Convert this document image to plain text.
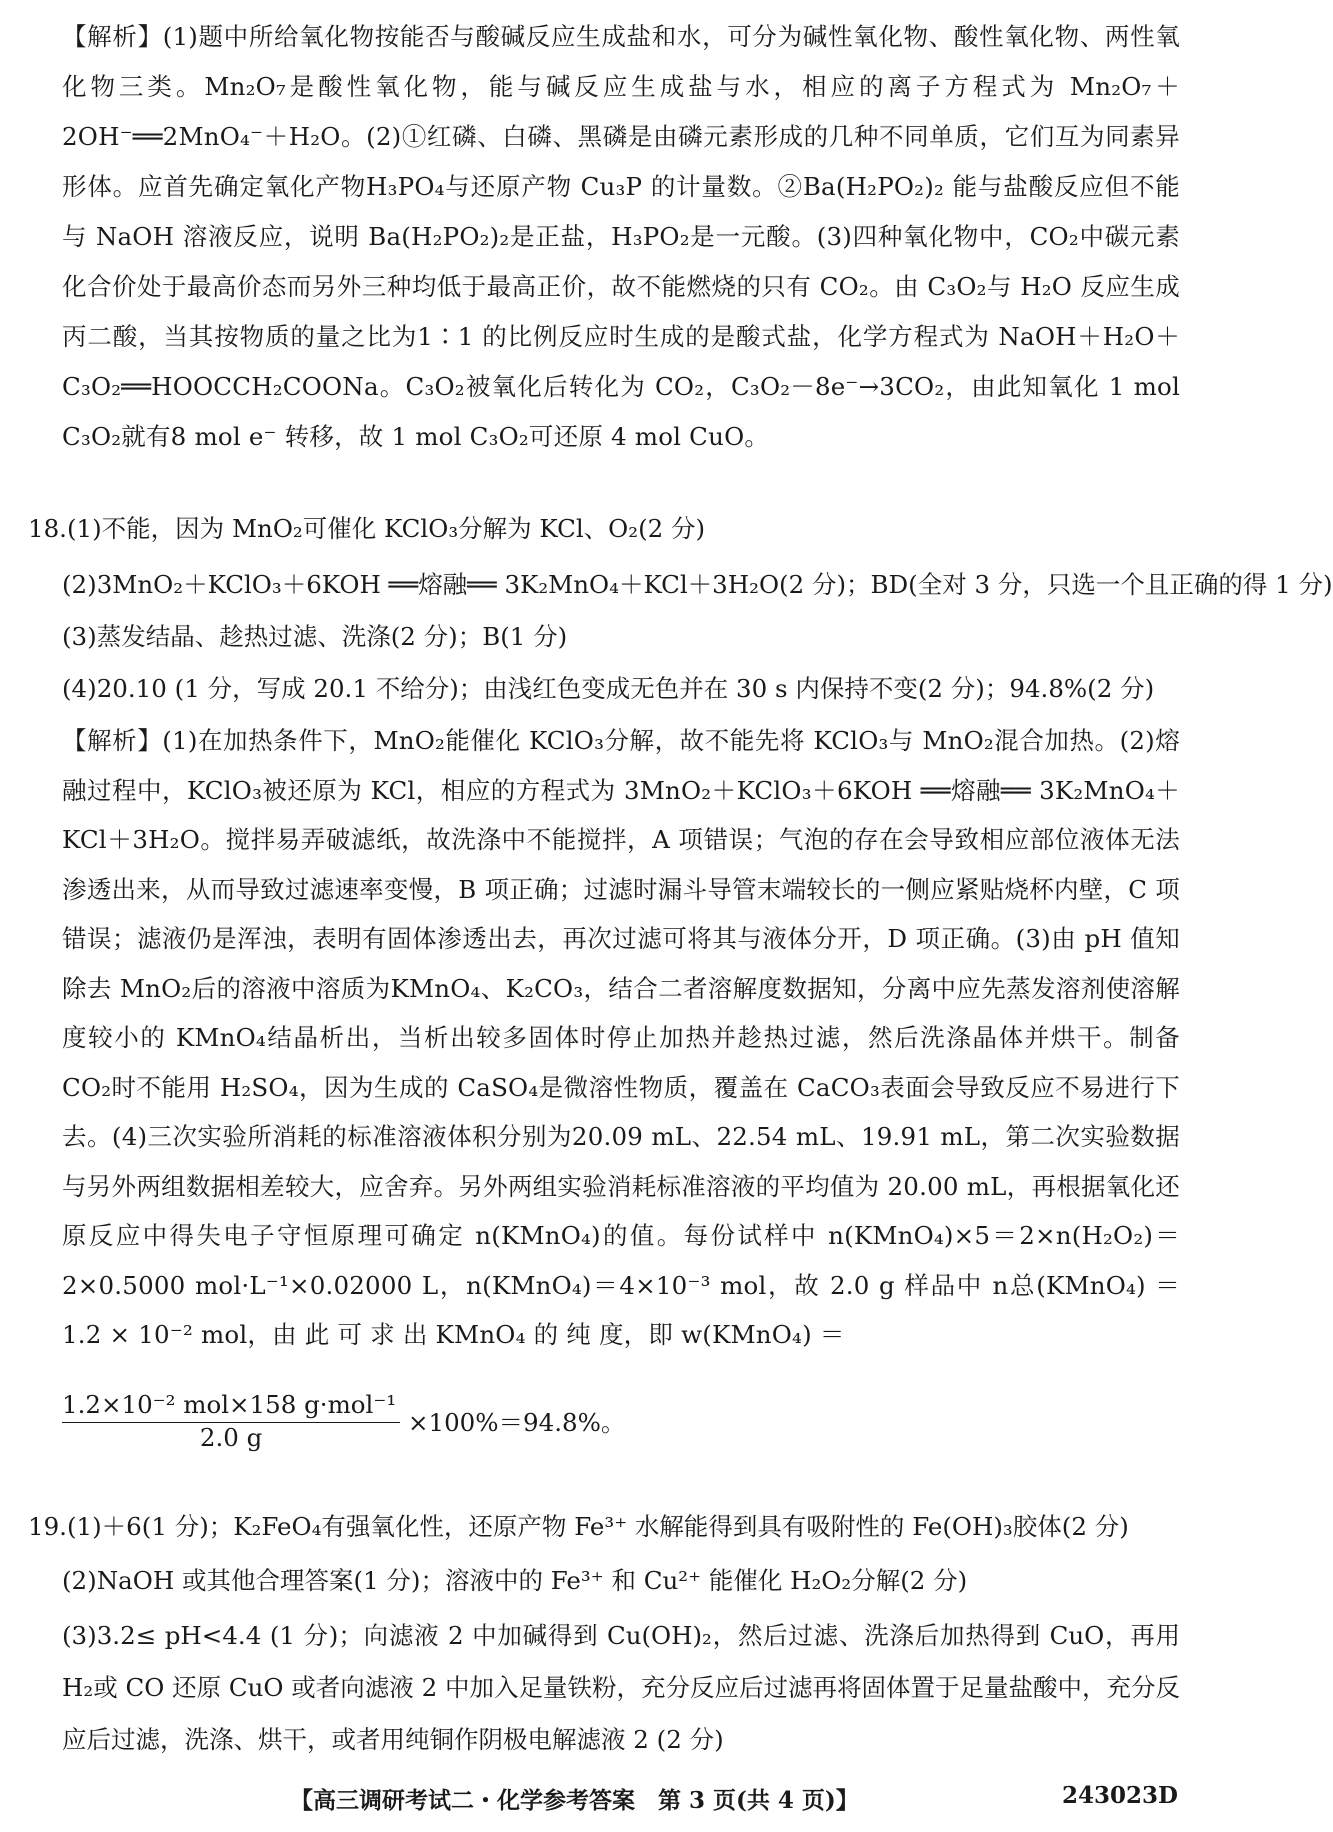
【解析】(1)题中所给氧化物按能否与酸碱反应生成盐和水，可分为碱性氧化物、酸性氧化物、两性氧化物三类。Mn₂O₇是酸性氧化物，能与碱反应生成盐与水，相应的离子方程式为 Mn₂O₇＋2OH⁻══2MnO₄⁻＋H₂O。(2)①红磷、白磷、黑磷是由磷元素形成的几种不同单质，它们互为同素异形体。应首先确定氧化产物H₃PO₄与还原产物 Cu₃P 的计量数。②Ba(H₂PO₂)₂ 能与盐酸反应但不能与 NaOH 溶液反应，说明 Ba(H₂PO₂)₂是正盐，H₃PO₂是一元酸。(3)四种氧化物中，CO₂中碳元素化合价处于最高价态而另外三种均低于最高正价，故不能燃烧的只有 CO₂。由 C₃O₂与 H₂O 反应生成丙二酸，当其按物质的量之比为1∶1 的比例反应时生成的是酸式盐，化学方程式为 NaOH＋H₂O＋C₃O₂══HOOCCH₂COONa。C₃O₂被氧化后转化为 CO₂，C₃O₂－8e⁻→3CO₂，由此知氧化 1 mol C₃O₂就有8 mol e⁻ 转移，故 1 mol C₃O₂可还原 4 mol CuO。
18.(1)不能，因为 MnO₂可催化 KClO₃分解为 KCl、O₂(2 分)
(2)3MnO₂＋KClO₃＋6KOH ══熔融══ 3K₂MnO₄＋KCl＋3H₂O(2 分)；BD(全对 3 分，只选一个且正确的得 1 分)
(3)蒸发结晶、趁热过滤、洗涤(2 分)；B(1 分)
(4)20.10 (1 分，写成 20.1 不给分)；由浅红色变成无色并在 30 s 内保持不变(2 分)；94.8%(2 分)
【解析】(1)在加热条件下，MnO₂能催化 KClO₃分解，故不能先将 KClO₃与 MnO₂混合加热。(2)熔融过程中，KClO₃被还原为 KCl，相应的方程式为 3MnO₂＋KClO₃＋6KOH ══熔融══ 3K₂MnO₄＋KCl＋3H₂O。搅拌易弄破滤纸，故洗涤中不能搅拌，A 项错误；气泡的存在会导致相应部位液体无法渗透出来，从而导致过滤速率变慢，B 项正确；过滤时漏斗导管末端较长的一侧应紧贴烧杯内壁，C 项错误；滤液仍是浑浊，表明有固体渗透出去，再次过滤可将其与液体分开，D 项正确。(3)由 pH 值知除去 MnO₂后的溶液中溶质为KMnO₄、K₂CO₃，结合二者溶解度数据知，分离中应先蒸发溶剂使溶解度较小的 KMnO₄结晶析出，当析出较多固体时停止加热并趁热过滤，然后洗涤晶体并烘干。制备 CO₂时不能用 H₂SO₄，因为生成的 CaSO₄是微溶性物质，覆盖在 CaCO₃表面会导致反应不易进行下去。(4)三次实验所消耗的标准溶液体积分别为20.09 mL、22.54 mL、19.91 mL，第二次实验数据与另外两组数据相差较大，应舍弃。另外两组实验消耗标准溶液的平均值为 20.00 mL，再根据氧化还原反应中得失电子守恒原理可确定 n(KMnO₄)的值。每份试样中 n(KMnO₄)×5＝2×n(H₂O₂)＝2×0.5000 mol·L⁻¹×0.02000 L，n(KMnO₄)＝4×10⁻³ mol，故 2.0 g 样品中 n总(KMnO₄) ＝ 1.2 × 10⁻² mol，由 此 可 求 出 KMnO₄ 的 纯 度，即 w(KMnO₄) ＝
1.2×10⁻² mol×158 g·mol⁻¹
2.0 g
×100%＝94.8%。
19.(1)＋6(1 分)；K₂FeO₄有强氧化性，还原产物 Fe³⁺ 水解能得到具有吸附性的 Fe(OH)₃胶体(2 分)
(2)NaOH 或其他合理答案(1 分)；溶液中的 Fe³⁺ 和 Cu²⁺ 能催化 H₂O₂分解(2 分)
(3)3.2≤ pH<4.4 (1 分)；向滤液 2 中加碱得到 Cu(OH)₂，然后过滤、洗涤后加热得到 CuO，再用 H₂或 CO 还原 CuO 或者向滤液 2 中加入足量铁粉，充分反应后过滤再将固体置于足量盐酸中，充分反应后过滤，洗涤、烘干，或者用纯铜作阴极电解滤液 2 (2 分)
【高三调研考试二・化学参考答案　第 3 页(共 4 页)】	243023D
